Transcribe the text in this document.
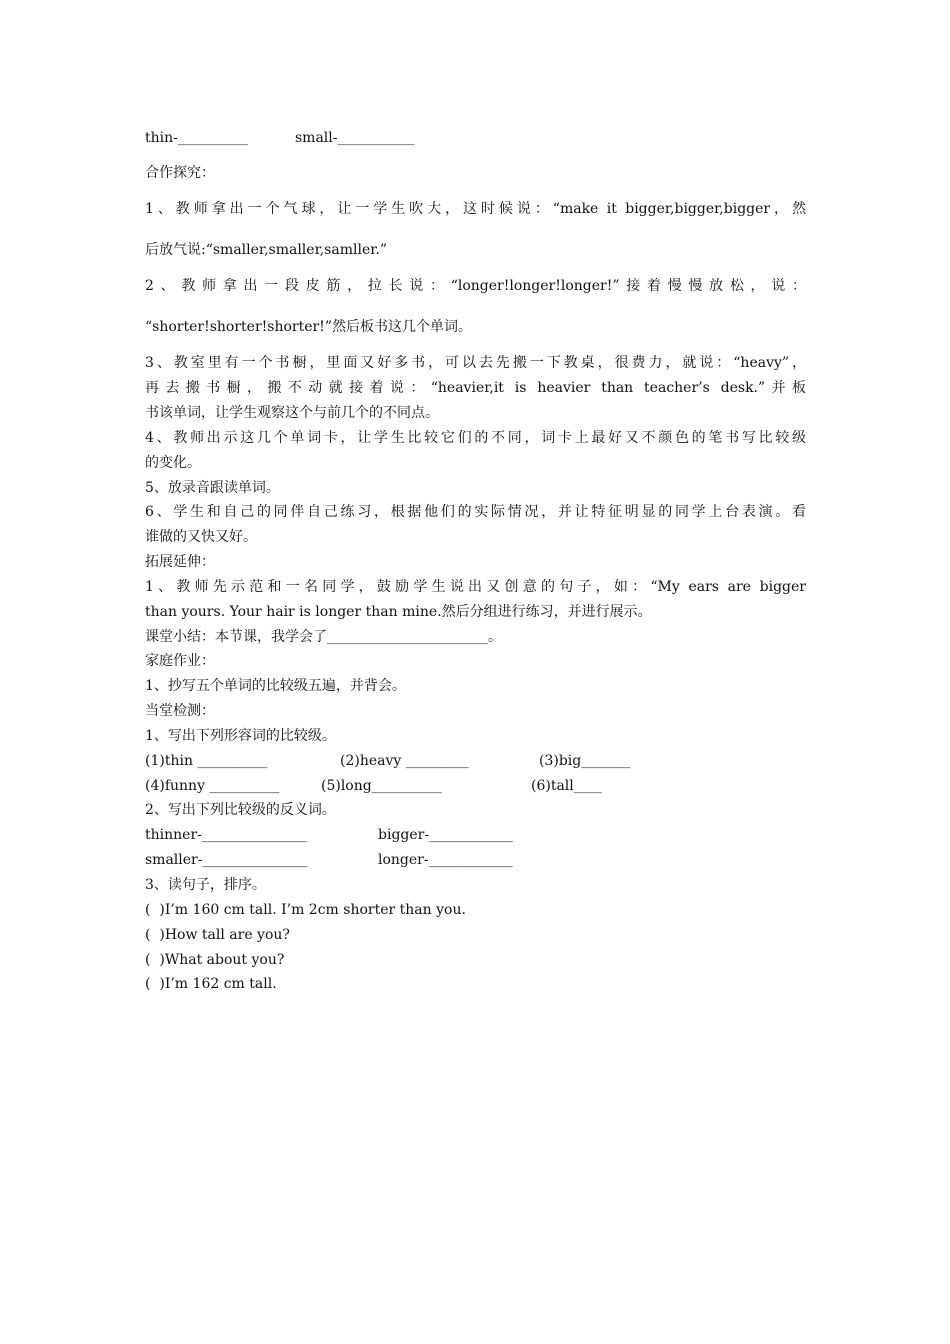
thin-__________	small-___________
合作探究：
1、教师拿出一个气球，让一学生吹大，这时候说：“make it bigger,bigger,bigger，然
后放气说:“smaller,smaller,samller.”
2、教师拿出一段皮筋，拉长说：“longer!longer!longer!”接着慢慢放松，说：
“shorter!shorter!shorter!”然后板书这几个单词。
3、教室里有一个书橱，里面又好多书，可以去先搬一下教桌，很费力，就说：“heavy”，
再去搬书橱，搬不动就接着说：“heavier,it is heavier than teacher’s desk.”并板
书该单词，让学生观察这个与前几个的不同点。
4、教师出示这几个单词卡，让学生比较它们的不同，词卡上最好又不颜色的笔书写比较级
的变化。
5、放录音跟读单词。
6、学生和自己的同伴自己练习，根据他们的实际情况，并让特征明显的同学上台表演。看
谁做的又快又好。
拓展延伸：
1、教师先示范和一名同学，鼓励学生说出又创意的句子，如：“My ears are bigger
than yours. Your hair is longer than mine.然后分组进行练习，并进行展示。
课堂小结：本节课，我学会了_______________________。
家庭作业：
1、抄写五个单词的比较级五遍，并背会。
当堂检测：
1、写出下列形容词的比较级。
(1)thin __________	(2)heavy _________	(3)big_______
(4)funny __________	(5)long__________	(6)tall____
2、写出下列比较级的反义词。
thinner-_______________	bigger-____________
smaller-_______________	longer-____________
3、读句子，排序。
(  )I’m 160 cm tall. I’m 2cm shorter than you.
(  )How tall are you?
(  )What about you?
(  )I’m 162 cm tall.
